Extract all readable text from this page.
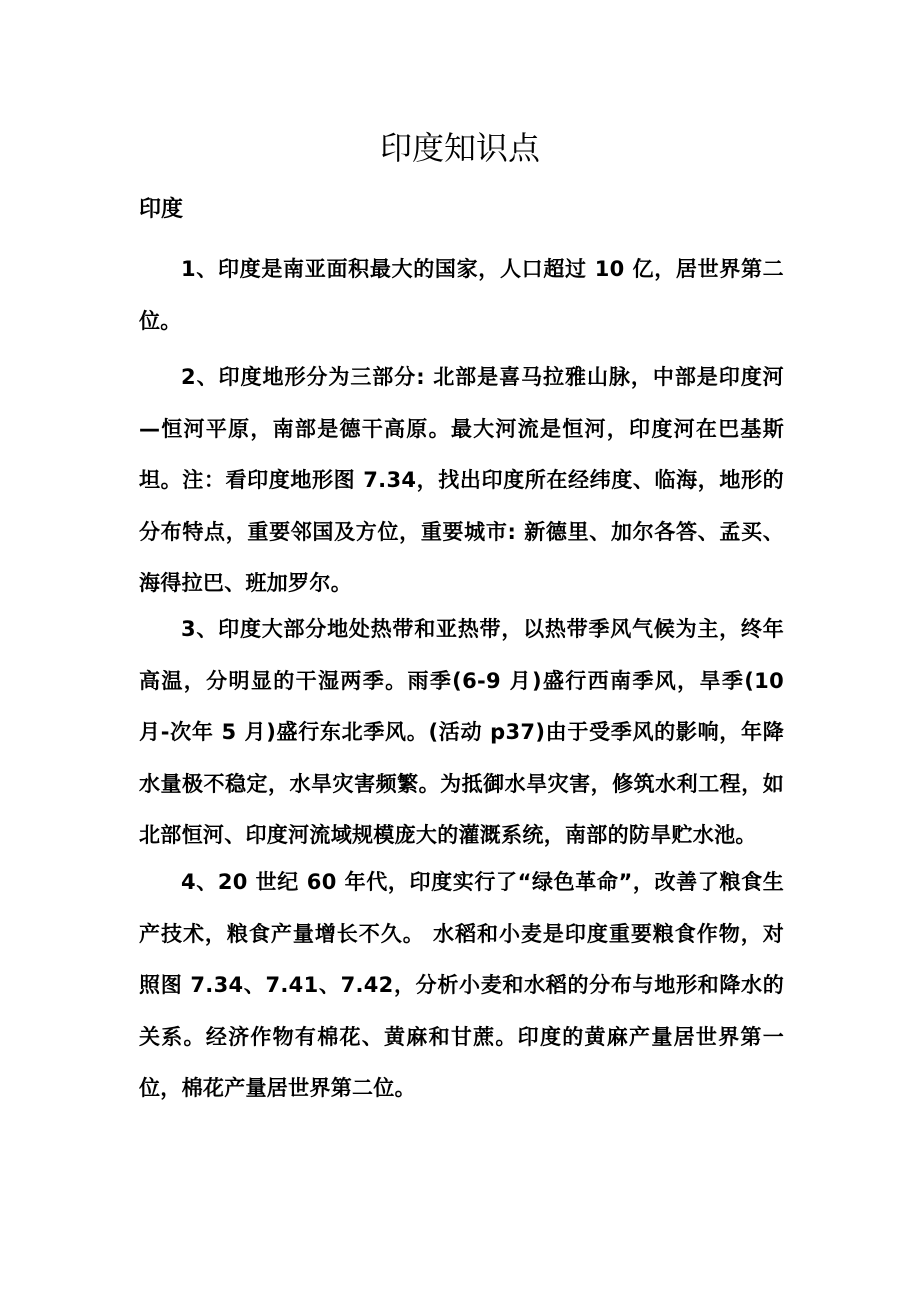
印度知识点
印度

1、印度是南亚面积最大的国家，人口超过 10 亿，居世界第二位。

2、印度地形分为三部分: 北部是喜马拉雅山脉，中部是印度河—恒河平原，南部是德干高原。最大河流是恒河，印度河在巴基斯坦。注：看印度地形图 7.34，找出印度所在经纬度、临海，地形的分布特点，重要邻国及方位，重要城市: 新德里、加尔各答、孟买、海得拉巴、班加罗尔。

3、印度大部分地处热带和亚热带，以热带季风气候为主，终年高温，分明显的干湿两季。雨季(6-9 月)盛行西南季风，旱季(10 月-次年 5 月)盛行东北季风。(活动 p37)由于受季风的影响，年降水量极不稳定，水旱灾害频繁。为抵御水旱灾害，修筑水利工程，如北部恒河、印度河流域规模庞大的灌溉系统，南部的防旱贮水池。

4、20 世纪 60 年代，印度实行了“绿色革命”，改善了粮食生产技术，粮食产量增长不久。 水稻和小麦是印度重要粮食作物，对照图 7.34、7.41、7.42，分析小麦和水稻的分布与地形和降水的关系。经济作物有棉花、黄麻和甘蔗。印度的黄麻产量居世界第一位，棉花产量居世界第二位。
